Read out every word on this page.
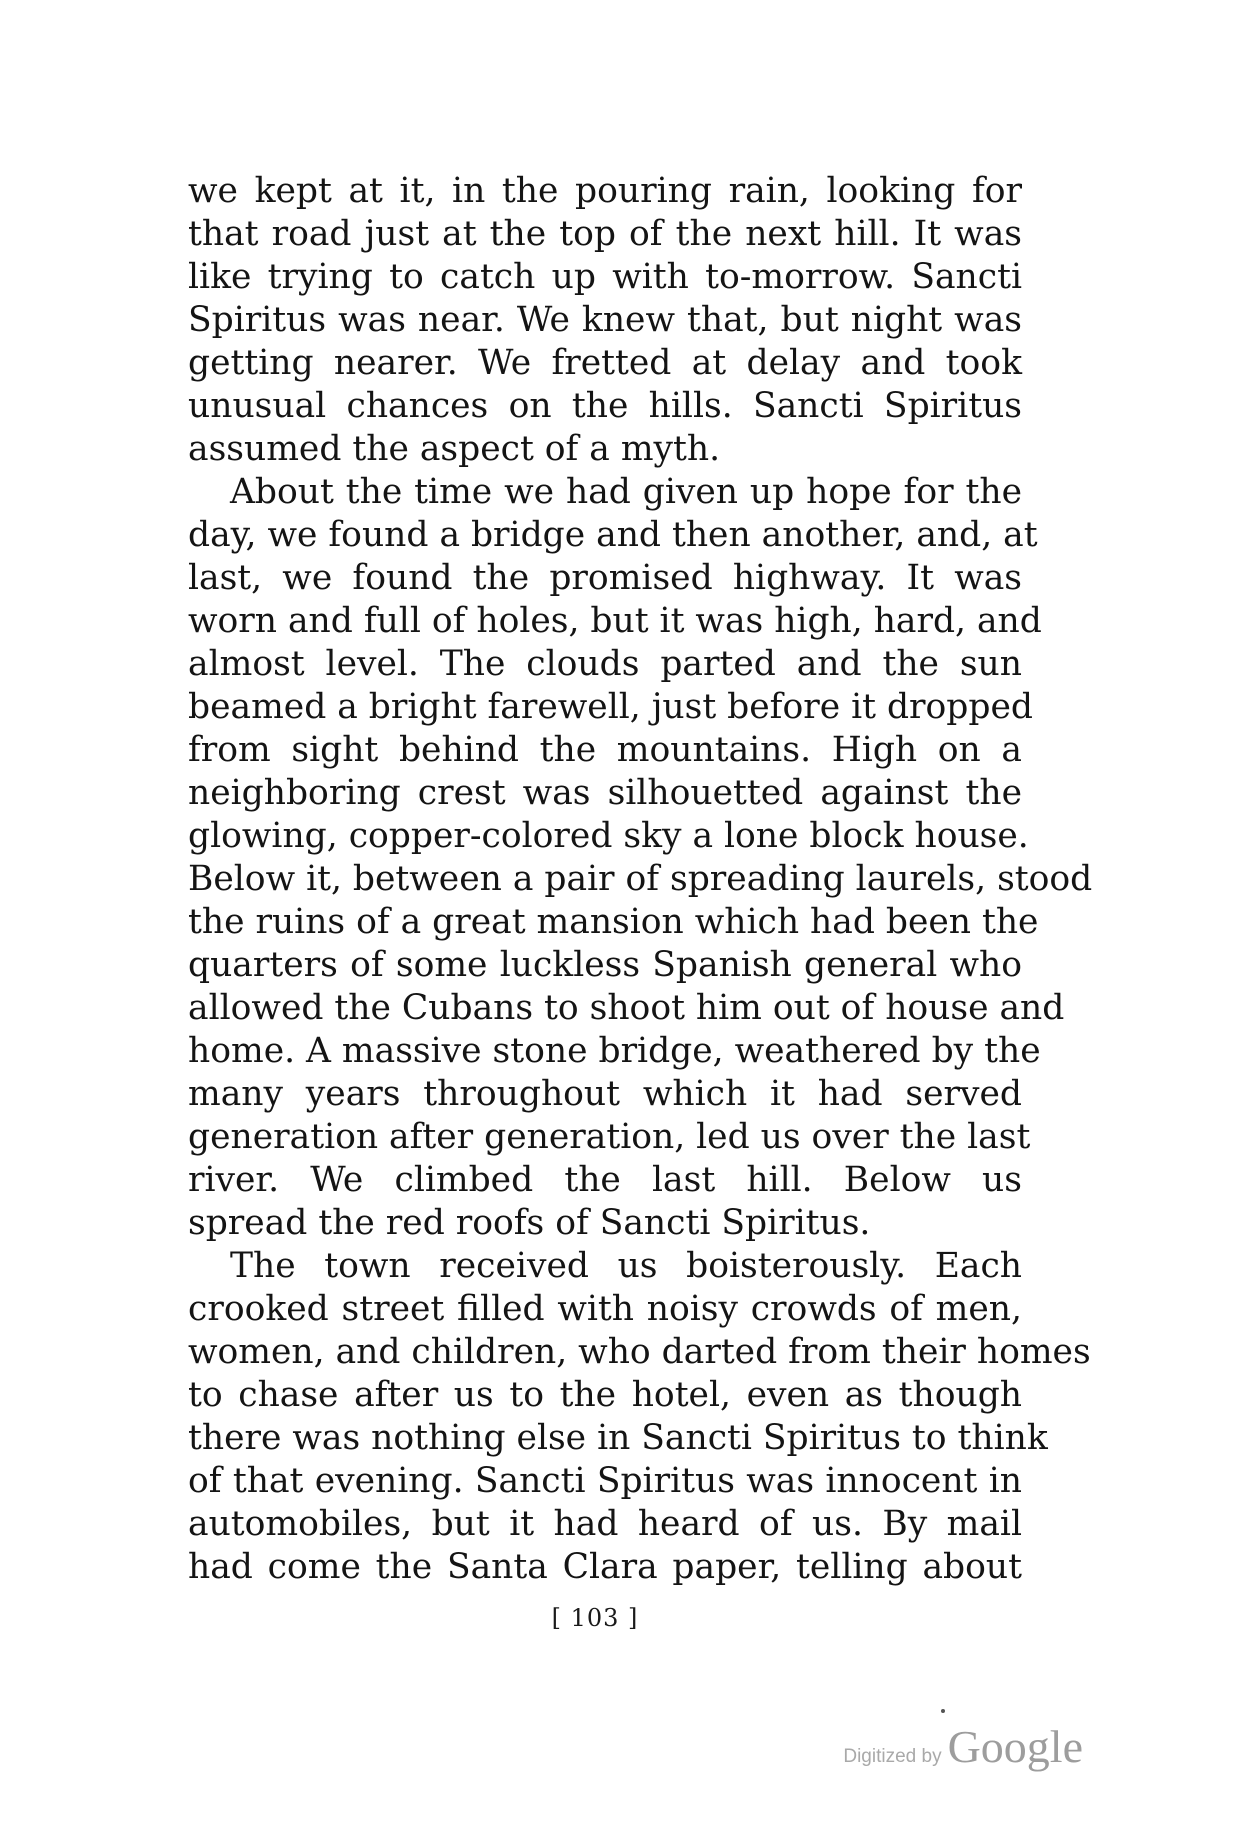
we kept at it, in the pouring rain, looking for
that road just at the top of the next hill. It was
like trying to catch up with to-morrow. Sancti
Spiritus was near. We knew that, but night was
getting nearer. We fretted at delay and took
unusual chances on the hills. Sancti Spiritus
assumed the aspect of a myth.
About the time we had given up hope for the
day, we found a bridge and then another, and, at
last, we found the promised highway. It was
worn and full of holes, but it was high, hard, and
almost level. The clouds parted and the sun
beamed a bright farewell, just before it dropped
from sight behind the mountains. High on a
neighboring crest was silhouetted against the
glowing, copper-colored sky a lone block house.
Below it, between a pair of spreading laurels, stood
the ruins of a great mansion which had been the
quarters of some luckless Spanish general who
allowed the Cubans to shoot him out of house and
home. A massive stone bridge, weathered by the
many years throughout which it had served
generation after generation, led us over the last
river. We climbed the last hill. Below us
spread the red roofs of Sancti Spiritus.
The town received us boisterously. Each
crooked street filled with noisy crowds of men,
women, and children, who darted from their homes
to chase after us to the hotel, even as though
there was nothing else in Sancti Spiritus to think
of that evening. Sancti Spiritus was innocent in
automobiles, but it had heard of us. By mail
had come the Santa Clara paper, telling about
[ 103 ]
Digitized by Google
